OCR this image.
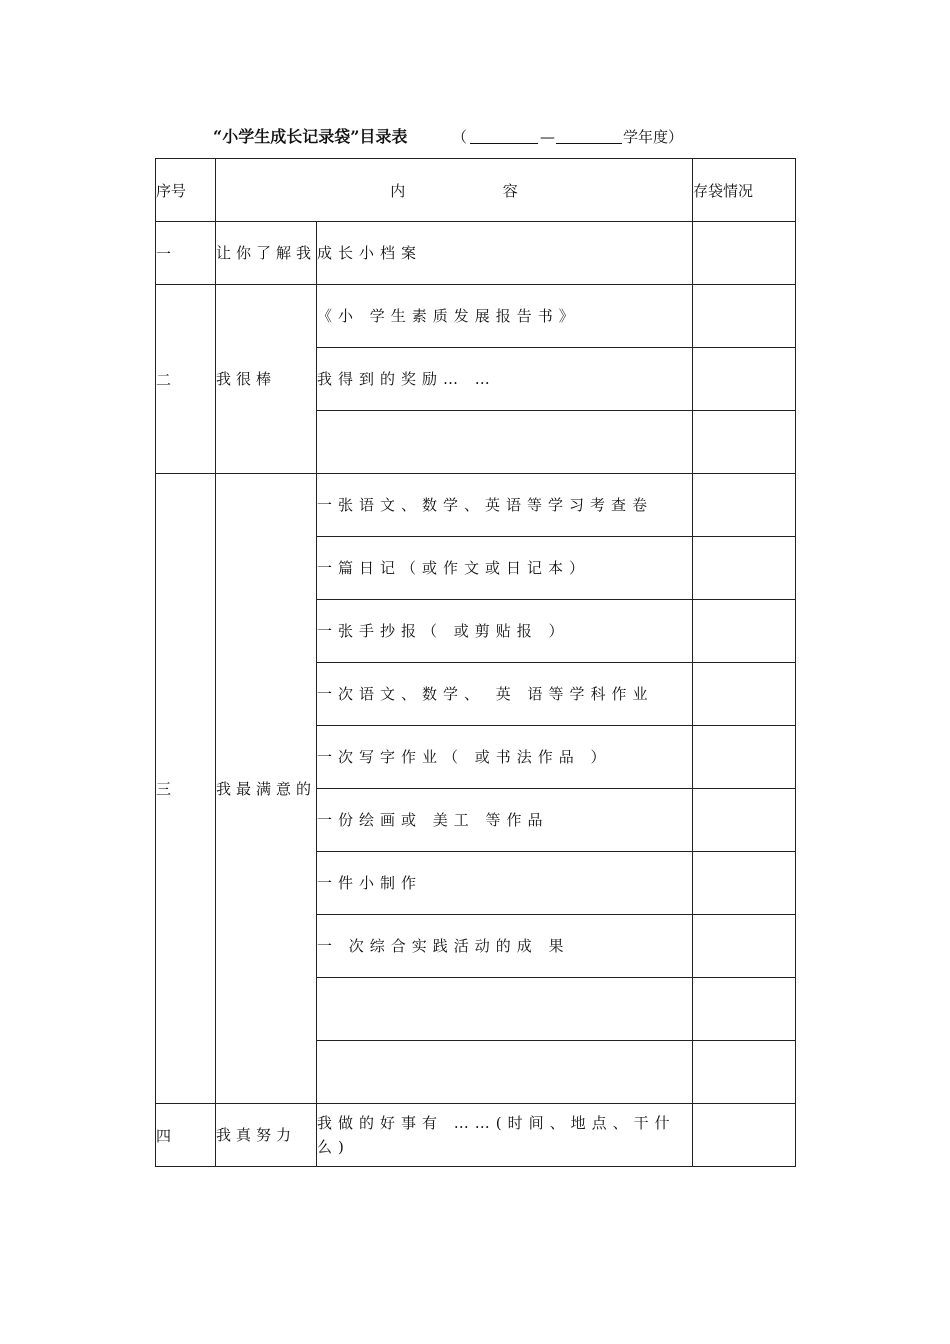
“小学生成长记录袋”目录表	（	—	学年度）
序号	内 容		存袋情况
一	让你了解我	成长小档案	
二	我很棒	《小 学生素质发展报告书》	
		我得到的奖励… …	

三	我最满意的	一张语文、数学、英语等学习考查卷	
		一篇日记（或作文或日记本）	
		一张手抄报（ 或剪贴报 ）	
		一次语文、数学、 英 语等学科作业	
		一次写字作业（ 或书法作品 ）	
		一份绘画或 美工 等作品	
		一件小制作	
		一 次综合实践活动的成 果	

四	我真努力	我做的好事有 ……(时间、地点、干什么)	
